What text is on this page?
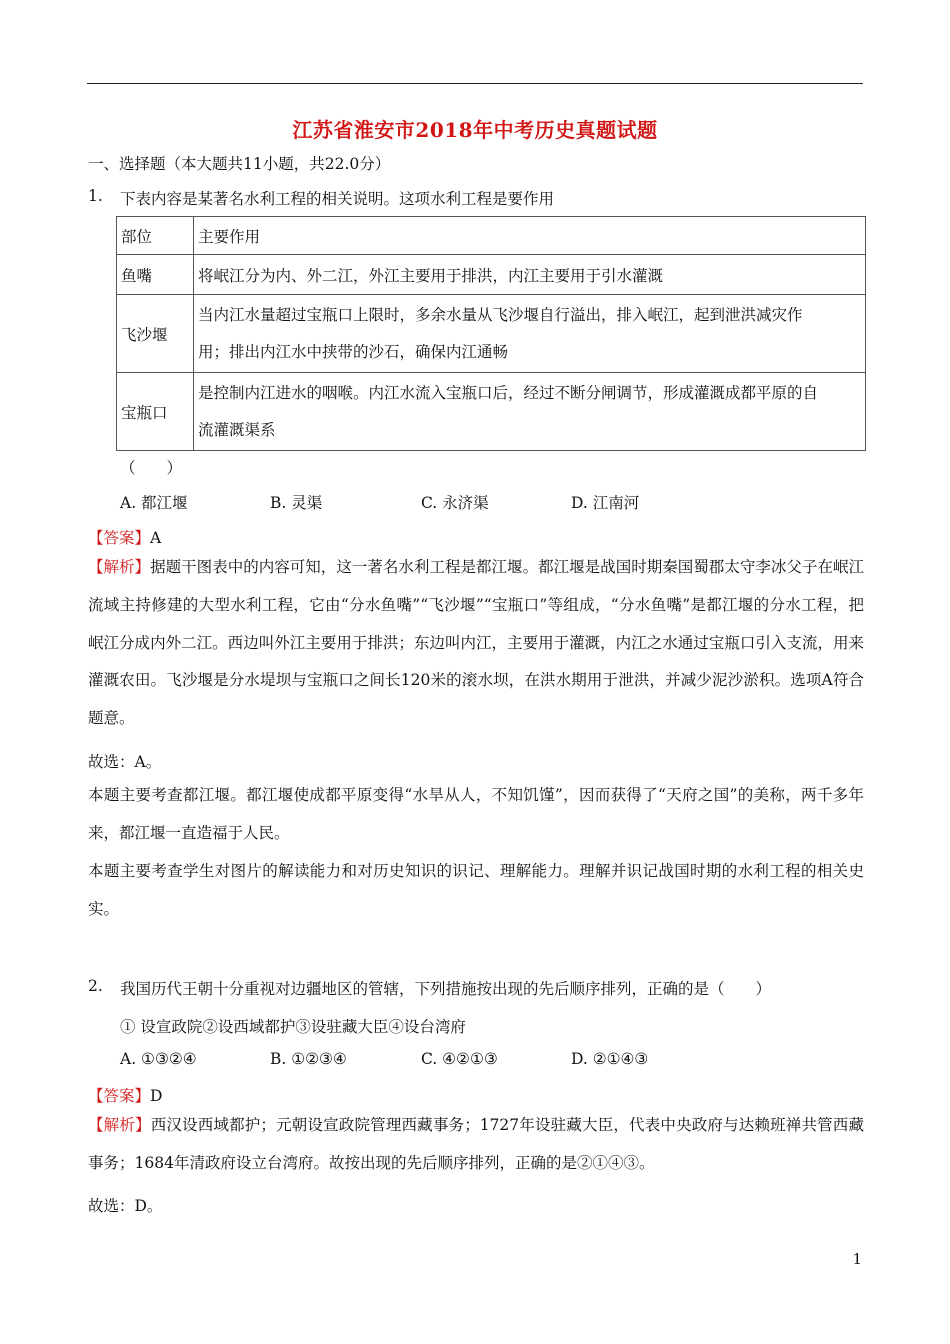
江苏省淮安市2018年中考历史真题试题
一、选择题（本大题共11小题，共22.0分）
1. 下表内容是某著名水利工程的相关说明。这项水利工程是要作用
部位	主要作用
鱼嘴	将岷江分为内、外二江，外江主要用于排洪，内江主要用于引水灌溉
飞沙堰	当内江水量超过宝瓶口上限时，多余水量从飞沙堰自行溢出，排入岷江，起到泄洪减灾作
用；排出内江水中挟带的沙石，确保内江通畅

宝瓶口	是控制内江进水的咽喉。内江水流入宝瓶口后，经过不断分闸调节，形成灌溉成都平原的自
流灌溉渠系
（　　）
A. 都江堰	B. 灵渠	C. 永济渠	D. 江南河
【答案】A
【解析】据题干图表中的内容可知，这一著名水利工程是都江堰。都江堰是战国时期秦国蜀郡太守李冰父子在岷江流域主持修建的大型水利工程，它由“分水鱼嘴”“飞沙堰”“宝瓶口”等组成，“分水鱼嘴”是都江堰的分水工程，把岷江分成内外二江。西边叫外江主要用于排洪；东边叫内江，主要用于灌溉，内江之水通过宝瓶口引入支流，用来灌溉农田。飞沙堰是分水堤坝与宝瓶口之间长120米的滚水坝，在洪水期用于泄洪，并减少泥沙淤积。选项A符合题意。
故选：A。
本题主要考查都江堰。都江堰使成都平原变得“水旱从人，不知饥馑”，因而获得了“天府之国”的美称，两千多年来，都江堰一直造福于人民。
本题主要考查学生对图片的解读能力和对历史知识的识记、理解能力。理解并识记战国时期的水利工程的相关史实。
2. 我国历代王朝十分重视对边疆地区的管辖，下列措施按出现的先后顺序排列，正确的是（　　）
① 设宣政院②设西域都护③设驻藏大臣④设台湾府
A. ①③②④	B. ①②③④	C. ④②①③	D. ②①④③
【答案】D
【解析】西汉设西域都护；元朝设宣政院管理西藏事务；1727年设驻藏大臣，代表中央政府与达赖班禅共管西藏事务；1684年清政府设立台湾府。故按出现的先后顺序排列，正确的是②①④③。
故选：D。
1
